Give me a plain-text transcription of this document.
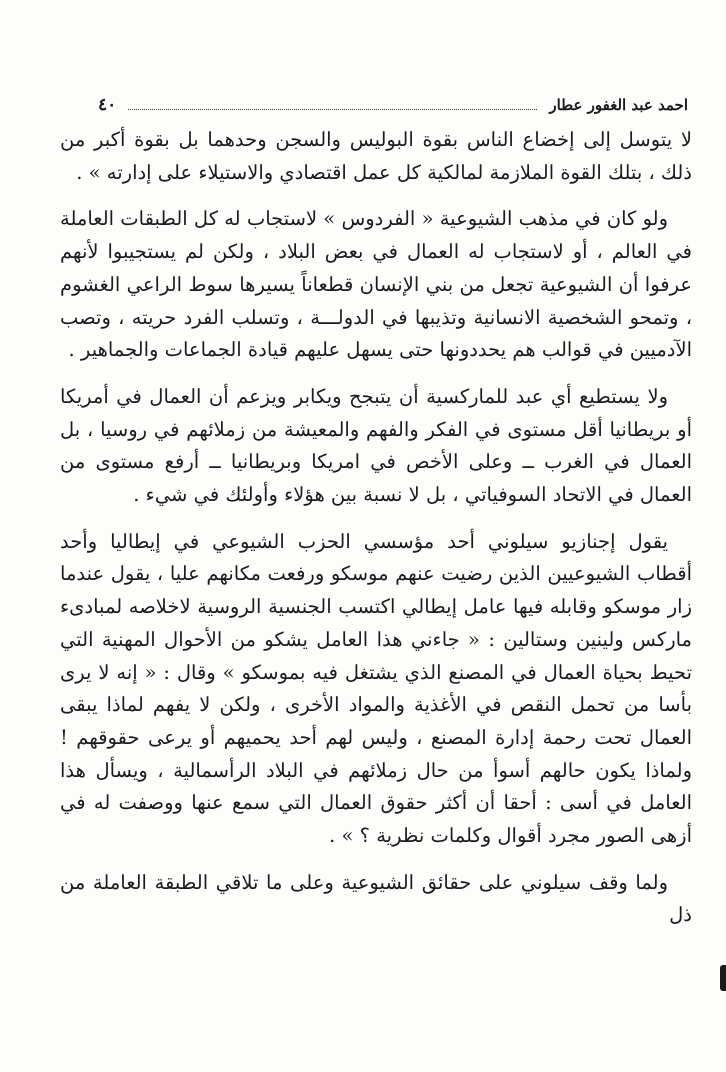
احمد عبد الغفور عطار
٤٠

لا يتوسل إلى إخضاع الناس بقوة البوليس والسجن وحدهما بل بقوة أكبر من ذلك ، بتلك القوة الملازمة لمالكية كل عمل اقتصادي والاستيلاء على إدارته » .

ولو كان في مذهب الشيوعية « الفردوس » لاستجاب له كل الطبقات العاملة في العالم ، أو لاستجاب له العمال في بعض البلاد ، ولكن لم يستجيبوا لأنهم عرفوا أن الشيوعية تجعل من بني الإنسان قطعاناً يسيرها سوط الراعي الغشوم ، وتمحو الشخصية الانسانية وتذيبها في الدولـــة ، وتسلب الفرد حريته ، وتصب الآدميين في قوالب هم يحددونها حتى يسهل عليهم قيادة الجماعات والجماهير .

ولا يستطيع أي عبد للماركسية أن يتبجح ويكابر ويزعم أن العمال في أمريكا أو بريطانيا أقل مستوى في الفكر والفهم والمعيشة من زملائهم في روسيا ، بل العمال في الغرب ــ وعلى الأخص في امريكا وبريطانيا ــ أرفع مستوى من العمال في الاتحاد السوفياتي ، بل لا نسبة بين هؤلاء وأولئك في شيء .

يقول إجنازيو سيلوني أحد مؤسسي الحزب الشيوعي في إيطاليا وأحد أقطاب الشيوعيين الذين رضيت عنهم موسكو ورفعت مكانهم عليا ، يقول عندما زار موسكو وقابله فيها عامل إيطالي اكتسب الجنسية الروسية لاخلاصه لمبادىء ماركس ولينين وستالين : « جاءني هذا العامل يشكو من الأحوال المهنية التي تحيط بحياة العمال في المصنع الذي يشتغل فيه بموسكو » وقال : « إنه لا يرى بأسا من تحمل النقص في الأغذية والمواد الأخرى ، ولكن لا يفهم لماذا يبقى العمال تحت رحمة إدارة المصنع ، وليس لهم أحد يحميهم أو يرعى حقوقهم ! ولماذا يكون حالهم أسوأ من حال زملائهم في البلاد الرأسمالية ، ويسأل هذا العامل في أسى : أحقا أن أكثر حقوق العمال التي سمع عنها ووصفت له في أزهى الصور مجرد أقوال وكلمات نظرية ؟ » .

ولما وقف سيلوني على حقائق الشيوعية وعلى ما تلاقي الطبقة العاملة من ذل
